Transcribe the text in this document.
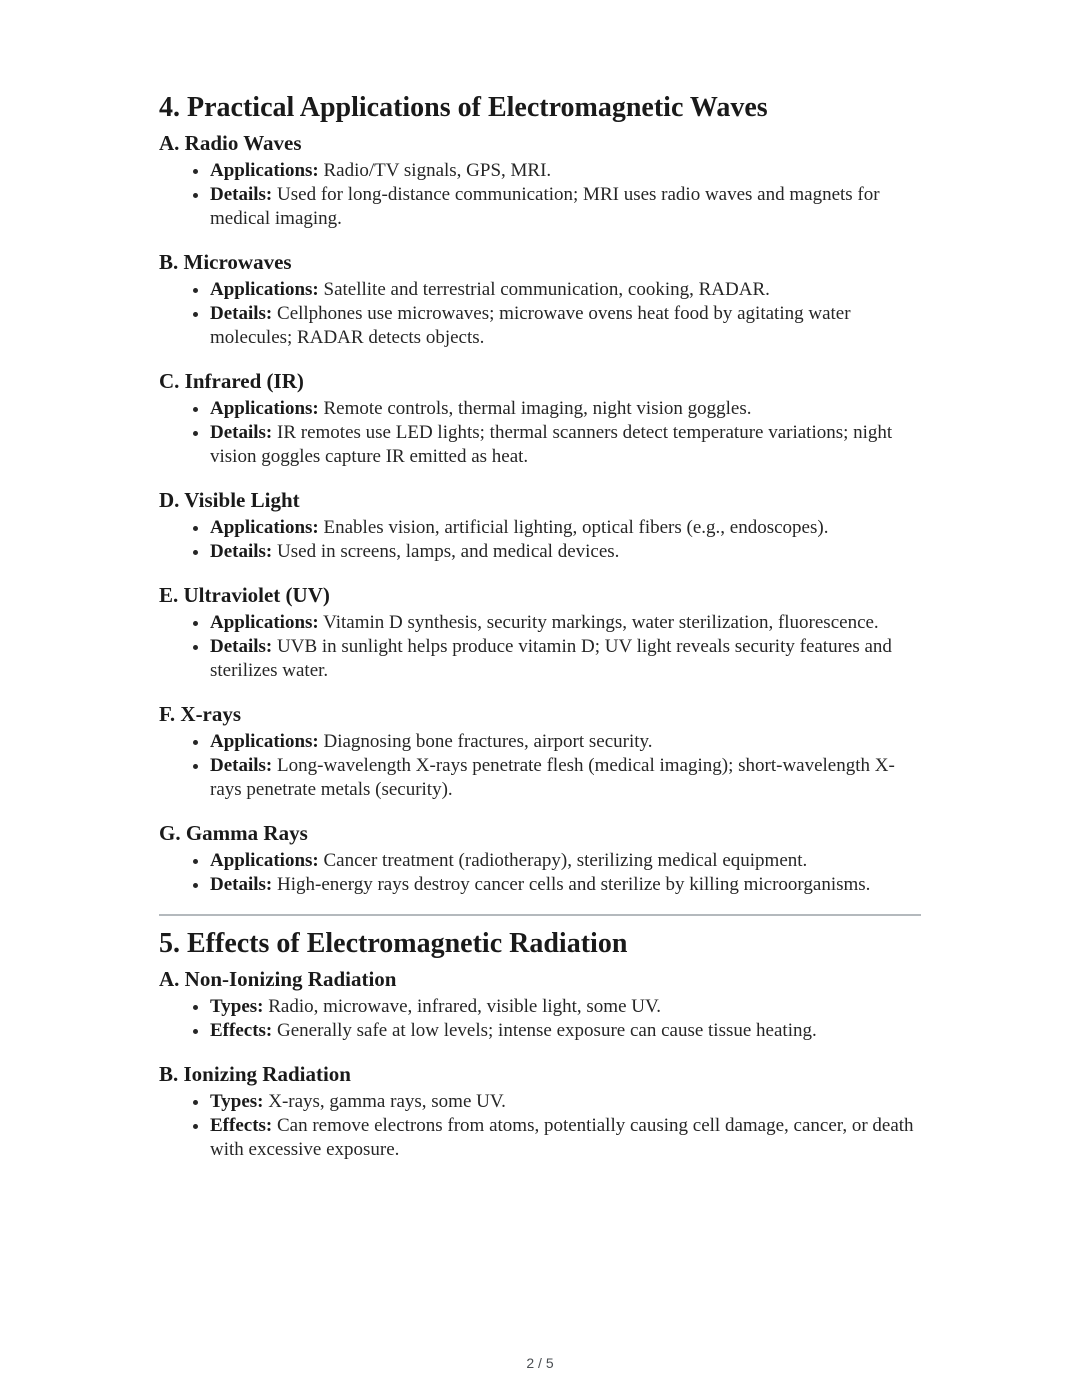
4. Practical Applications of Electromagnetic Waves
A. Radio Waves
• Applications: Radio/TV signals, GPS, MRI.
• Details: Used for long-distance communication; MRI uses radio waves and magnets for medical imaging.
B. Microwaves
• Applications: Satellite and terrestrial communication, cooking, RADAR.
• Details: Cellphones use microwaves; microwave ovens heat food by agitating water molecules; RADAR detects objects.
C. Infrared (IR)
• Applications: Remote controls, thermal imaging, night vision goggles.
• Details: IR remotes use LED lights; thermal scanners detect temperature variations; night vision goggles capture IR emitted as heat.
D. Visible Light
• Applications: Enables vision, artificial lighting, optical fibers (e.g., endoscopes).
• Details: Used in screens, lamps, and medical devices.
E. Ultraviolet (UV)
• Applications: Vitamin D synthesis, security markings, water sterilization, fluorescence.
• Details: UVB in sunlight helps produce vitamin D; UV light reveals security features and sterilizes water.
F. X-rays
• Applications: Diagnosing bone fractures, airport security.
• Details: Long-wavelength X-rays penetrate flesh (medical imaging); short-wavelength X-rays penetrate metals (security).
G. Gamma Rays
• Applications: Cancer treatment (radiotherapy), sterilizing medical equipment.
• Details: High-energy rays destroy cancer cells and sterilize by killing microorganisms.
5. Effects of Electromagnetic Radiation
A. Non-Ionizing Radiation
• Types: Radio, microwave, infrared, visible light, some UV.
• Effects: Generally safe at low levels; intense exposure can cause tissue heating.
B. Ionizing Radiation
• Types: X-rays, gamma rays, some UV.
• Effects: Can remove electrons from atoms, potentially causing cell damage, cancer, or death with excessive exposure.
2 / 5
